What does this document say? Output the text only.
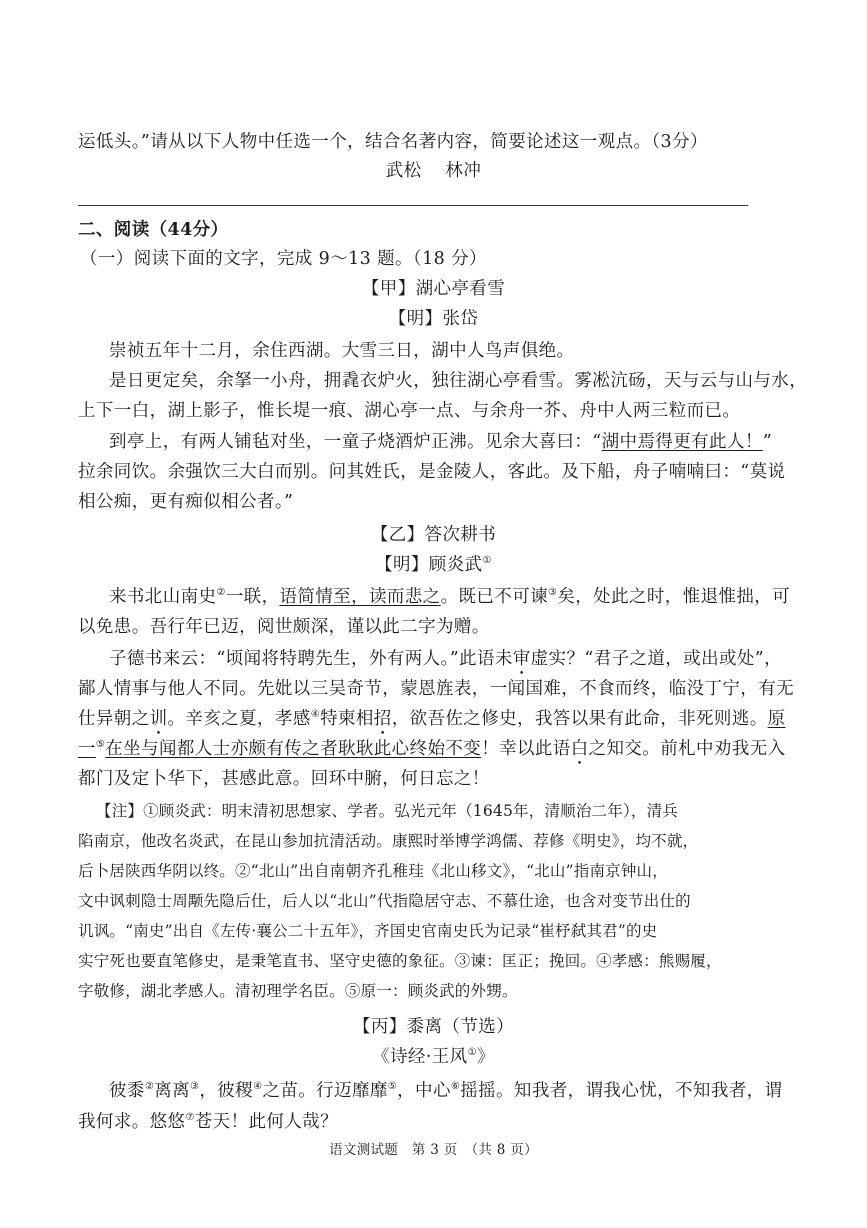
运低头。”请从以下人物中任选一个，结合名著内容，简要论述这一观点。（3分）
武松　 林冲
二、阅读（44分）
（一）阅读下面的文字，完成 9～13 题。（18 分）
【甲】湖心亭看雪
【明】张岱
崇祯五年十二月，余住西湖。大雪三日，湖中人鸟声俱绝。
是日更定矣，余拏一小舟，拥毳衣炉火，独往湖心亭看雪。雾凇沆砀，天与云与山与水，
上下一白，湖上影子，惟长堤一痕、湖心亭一点、与余舟一芥、舟中人两三粒而已。
到亭上，有两人铺毡对坐，一童子烧酒炉正沸。见余大喜曰：“湖中焉得更有此人！”
拉余同饮。余强饮三大白而别。问其姓氏，是金陵人，客此。及下船，舟子喃喃曰：“莫说
相公痴，更有痴似相公者。”
【乙】答次耕书
【明】顾炎武①
来书北山南史②一联，语简情至，读而悲之。既已不可谏③矣，处此之时，惟退惟拙，可
以免患。吾行年已迈，阅世颇深，谨以此二字为赠。
子德书来云：“顷闻将特聘先生，外有两人。”此语未审虚实？“君子之道，或出或处”，
鄙人情事与他人不同。先妣以三吴奇节，蒙恩旌表，一闻国难，不食而终，临没丁宁，有无
仕异朝之训。辛亥之夏，孝感④特柬相招，欲吾佐之修史，我答以果有此命，非死则逃。原
一⑤在坐与闻都人士亦颇有传之者耿耿此心终始不变！幸以此语白之知交。前札中劝我无入
都门及定卜华下，甚感此意。回环中腑，何日忘之！
【注】①顾炎武：明末清初思想家、学者。弘光元年（1645年，清顺治二年），清兵
陷南京，他改名炎武，在昆山参加抗清活动。康熙时举博学鸿儒、荐修《明史》，均不就，
后卜居陕西华阴以终。②“北山”出自南朝齐孔稚珪《北山移文》，“北山”指南京钟山，
文中讽刺隐士周颙先隐后仕，后人以“北山”代指隐居守志、不慕仕途，也含对变节出仕的
讥讽。“南史”出自《左传·襄公二十五年》，齐国史官南史氏为记录“崔杼弑其君”的史
实宁死也要直笔修史，是秉笔直书、坚守史德的象征。③谏：匡正；挽回。④孝感：熊赐履，
字敬修，湖北孝感人。清初理学名臣。⑤原一：顾炎武的外甥。
【丙】黍离（节选）
《诗经·王风①》
彼黍②离离③，彼稷④之苗。行迈靡靡⑤，中心⑥摇摇。知我者，谓我心忧，不知我者，谓
我何求。悠悠⑦苍天！此何人哉？
语文测试题　第 3 页　（共 8 页）
